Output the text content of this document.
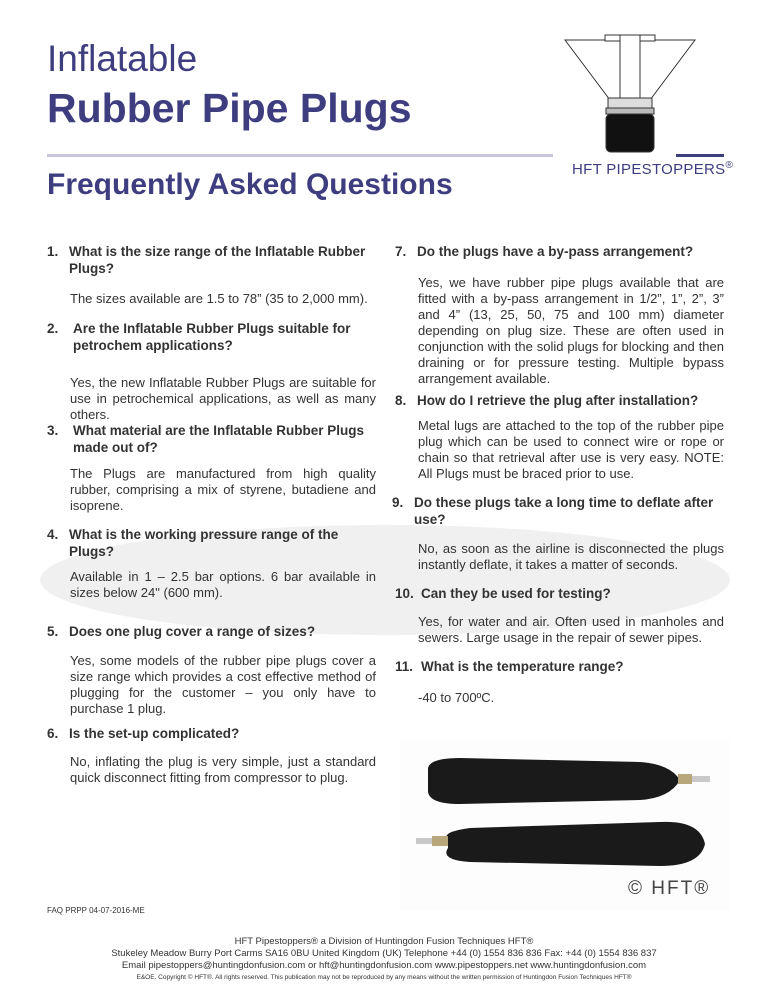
Inflatable
Rubber Pipe Plugs
Frequently Asked Questions	HFT PIPESTOPPERS®
1. What is the size range of the Inflatable Rubber Plugs?
The sizes available are 1.5 to 78” (35 to 2,000 mm).
2. Are the Inflatable Rubber Plugs suitable for petrochem applications?
Yes, the new Inflatable Rubber Plugs are suitable for use in petrochemical applications, as well as many others.
3. What material are the Inflatable Rubber Plugs made out of?
The Plugs are manufactured from high quality rubber, comprising a mix of styrene, butadiene and isoprene.
4. What is the working pressure range of the Plugs?
Available in 1 – 2.5 bar options. 6 bar available in sizes below 24" (600 mm).
5. Does one plug cover a range of sizes?
Yes, some models of the rubber pipe plugs cover a size range which provides a cost effective method of plugging for the customer – you only have to purchase 1 plug.
6. Is the set-up complicated?
No, inflating the plug is very simple, just a standard quick disconnect fitting from compressor to plug.
7. Do the plugs have a by-pass arrangement?
Yes, we have rubber pipe plugs available that are fitted with a by-pass arrangement in 1/2”, 1”, 2”, 3” and 4” (13, 25, 50, 75 and 100 mm) diameter depending on plug size. These are often used in conjunction with the solid plugs for blocking and then draining or for pressure testing. Multiple bypass arrangement available.
8. How do I retrieve the plug after installation?
Metal lugs are attached to the top of the rubber pipe plug which can be used to connect wire or rope or chain so that retrieval after use is very easy. NOTE: All Plugs must be braced prior to use.
9. Do these plugs take a long time to deflate after use?
No, as soon as the airline is disconnected the plugs instantly deflate, it takes a matter of seconds.
10. Can they be used for testing?
Yes, for water and air. Often used in manholes and sewers. Large usage in the repair of sewer pipes.
11. What is the temperature range?
-40 to 700ºC.
© HFT®
FAQ PRPP 04-07-2016-ME
HFT Pipestoppers® a Division of Huntingdon Fusion Techniques HFT®
Stukeley Meadow Burry Port Carms SA16 0BU United Kingdom (UK) Telephone +44 (0) 1554 836 836 Fax: +44 (0) 1554 836 837
Email pipestoppers@huntingdonfusion.com or hft@huntingdonfusion.com www.pipestoppers.net www.huntingdonfusion.com
E&OE. Copyright © HFT®. All rights reserved. This publication may not be reproduced by any means without the written permission of Huntingdon Fusion Techniques HFT®
